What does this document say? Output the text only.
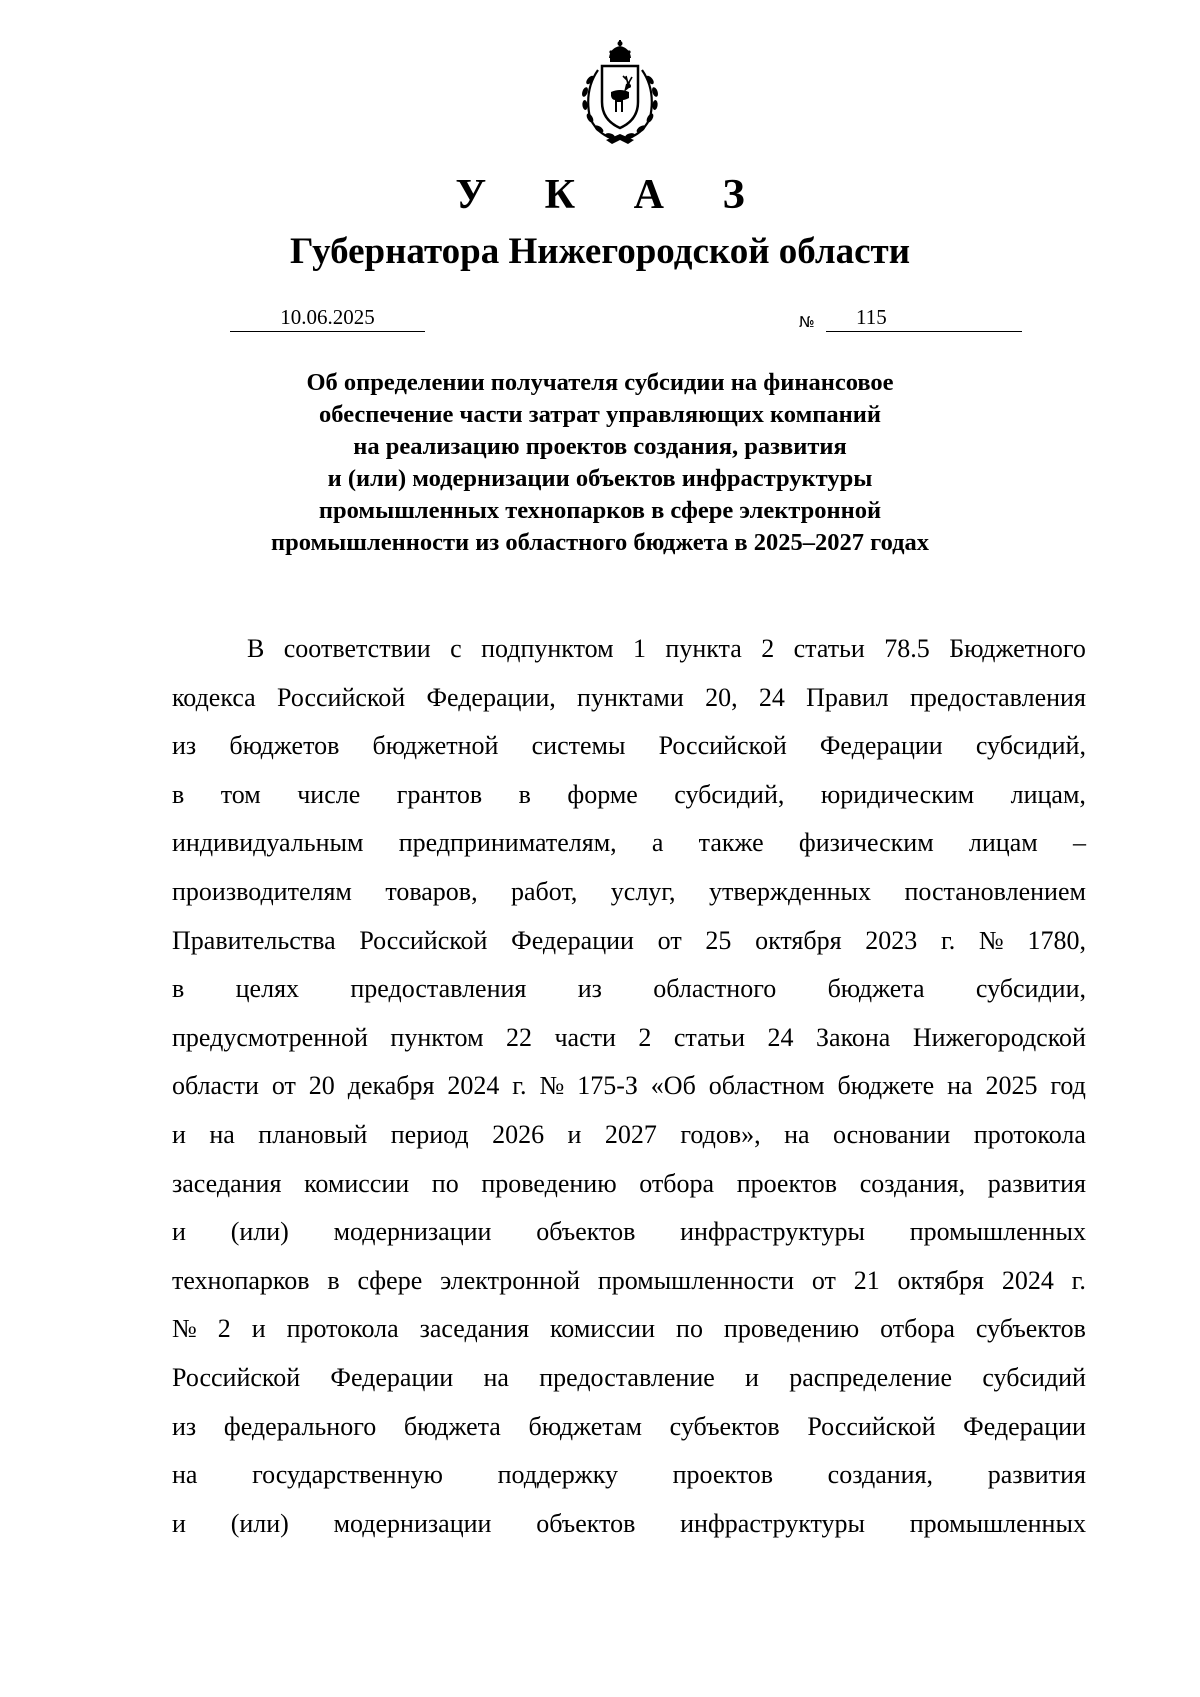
У К А З
Губернатора Нижегородской области
10.06.2025	№ 115
Об определении получателя субсидии на финансовое
обеспечение части затрат управляющих компаний
на реализацию проектов создания, развития
и (или) модернизации объектов инфраструктуры
промышленных технопарков в сфере электронной
промышленности из областного бюджета в 2025–2027 годах
В соответствии с подпунктом 1 пункта 2 статьи 78.5 Бюджетного
кодекса Российской Федерации, пунктами 20, 24 Правил предоставления
из бюджетов бюджетной системы Российской Федерации субсидий,
в том числе грантов в форме субсидий, юридическим лицам,
индивидуальным предпринимателям, а также физическим лицам –
производителям товаров, работ, услуг, утвержденных постановлением
Правительства Российской Федерации от 25 октября 2023 г. № 1780,
в целях предоставления из областного бюджета субсидии,
предусмотренной пунктом 22 части 2 статьи 24 Закона Нижегородской
области от 20 декабря 2024 г. № 175-З «Об областном бюджете на 2025 год
и на плановый период 2026 и 2027 годов», на основании протокола
заседания комиссии по проведению отбора проектов создания, развития
и (или) модернизации объектов инфраструктуры промышленных
технопарков в сфере электронной промышленности от 21 октября 2024 г.
№ 2 и протокола заседания комиссии по проведению отбора субъектов
Российской Федерации на предоставление и распределение субсидий
из федерального бюджета бюджетам субъектов Российской Федерации
на государственную поддержку проектов создания, развития
и (или) модернизации объектов инфраструктуры промышленных
